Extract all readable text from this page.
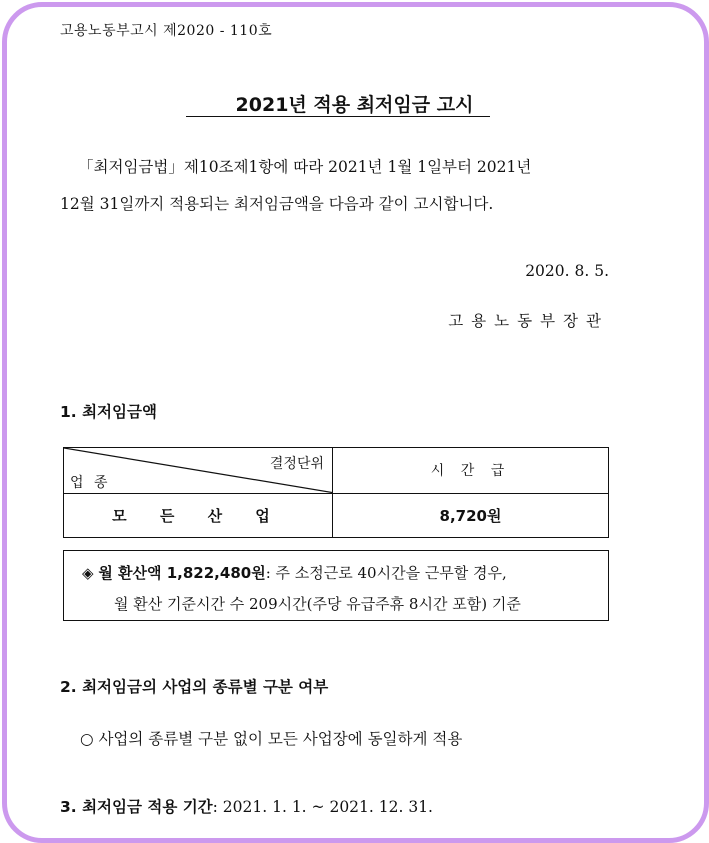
고용노동부고시 제2020 - 110호
2021년 적용 최저임금 고시
「최저임금법」제10조제1항에 따라 2021년 1월 1일부터 2021년
12월 31일까지 적용되는 최저임금액을 다음과 같이 고시합니다.
2020. 8. 5.
고용노동부장관
1. 최저임금액
결정단위
업 종	시 간 급
모 든 산 업	8,720원
◈ 월 환산액 1,822,480원: 주 소정근로 40시간을 근무할 경우,
월 환산 기준시간 수 209시간(주당 유급주휴 8시간 포함) 기준
2. 최저임금의 사업의 종류별 구분 여부
○ 사업의 종류별 구분 없이 모든 사업장에 동일하게 적용
3. 최저임금 적용 기간: 2021. 1. 1. ~ 2021. 12. 31.
